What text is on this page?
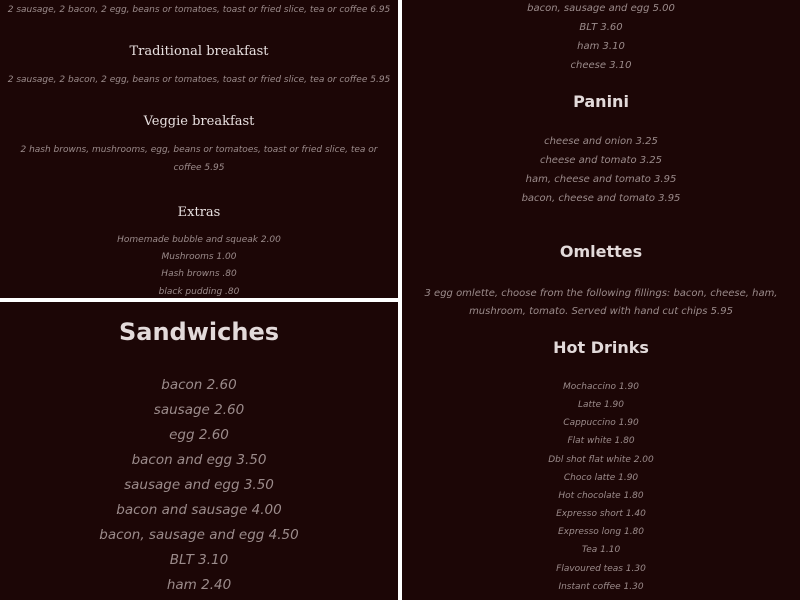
2 sausage, 2 bacon, 2 egg, beans or tomatoes, toast or fried slice, tea or coffee 6.95
Traditional breakfast
2 sausage, 2 bacon, 2 egg, beans or tomatoes, toast or fried slice, tea or coffee 5.95
Veggie breakfast
2 hash browns, mushrooms, egg, beans or tomatoes, toast or fried slice, tea or coffee 5.95
Extras
Homemade bubble and squeak 2.00
Mushrooms 1.00
Hash browns .80
black pudding .80
Sandwiches
bacon 2.60
sausage 2.60
egg 2.60
bacon and egg 3.50
sausage and egg 3.50
bacon and sausage 4.00
bacon, sausage and egg 4.50
BLT 3.10
ham 2.40
bacon, sausage and egg 5.00
BLT 3.60
ham 3.10
cheese 3.10
Panini
cheese and onion 3.25
cheese and tomato 3.25
ham, cheese and tomato 3.95
bacon, cheese and tomato 3.95
Omlettes
3 egg omlette, choose from the following fillings: bacon, cheese, ham, mushroom, tomato. Served with hand cut chips 5.95
Hot Drinks
Mochaccino 1.90
Latte 1.90
Cappuccino 1.90
Flat white 1.80
Dbl shot flat white 2.00
Choco latte 1.90
Hot chocolate 1.80
Expresso short 1.40
Expresso long 1.80
Tea 1.10
Flavoured teas 1.30
Instant coffee 1.30
